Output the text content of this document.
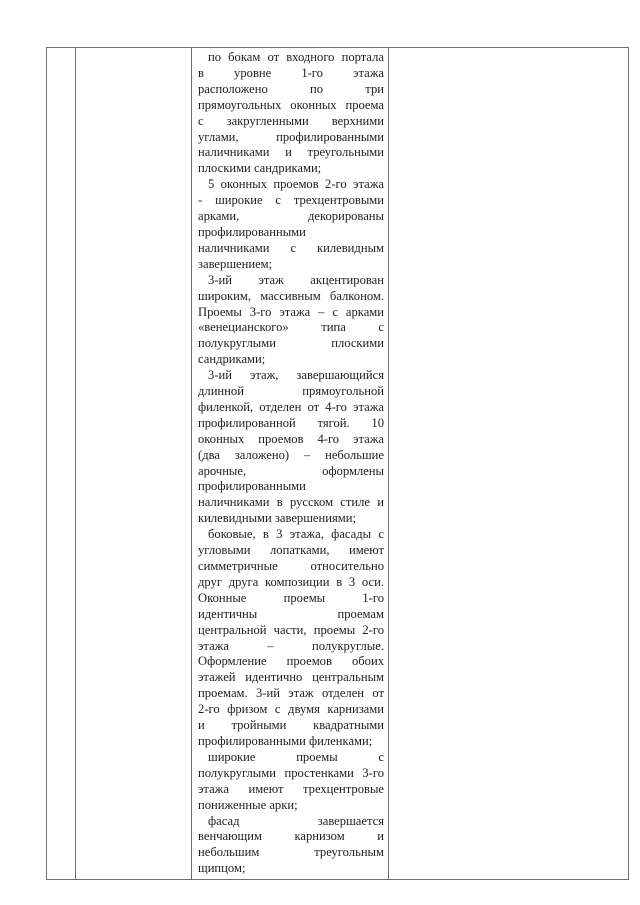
по бокам от входного портала
в уровне 1-го этажа
расположено по три
прямоугольных оконных проема
с закругленными верхними
углами, профилированными
наличниками и треугольными
плоскими сандриками;
5 оконных проемов 2-го этажа
- широкие с трехцентровыми
арками, декорированы
профилированными
наличниками с килевидным
завершением;
3-ий этаж акцентирован
широким, массивным балконом.
Проемы 3-го этажа – с арками
«венецианского» типа с
полукруглыми плоскими
сандриками;
3-ий этаж, завершающийся
длинной прямоугольной
филенкой, отделен от 4-го этажа
профилированной тягой. 10
оконных проемов 4-го этажа
(два заложено) – небольшие
арочные, оформлены
профилированными
наличниками в русском стиле и
килевидными завершениями;
боковые, в 3 этажа, фасады с
угловыми лопатками, имеют
симметричные относительно
друг друга композиции в 3 оси.
Оконные проемы 1-го
идентичны проемам
центральной части, проемы 2-го
этажа – полукруглые.
Оформление проемов обоих
этажей идентично центральным
проемам. 3-ий этаж отделен от
2-го фризом с двумя карнизами
и тройными квадратными
профилированными филенками;
широкие проемы с
полукруглыми простенками 3-го
этажа имеют трехцентровые
пониженные арки;
фасад завершается
венчающим карнизом и
небольшим треугольным
щипцом;
